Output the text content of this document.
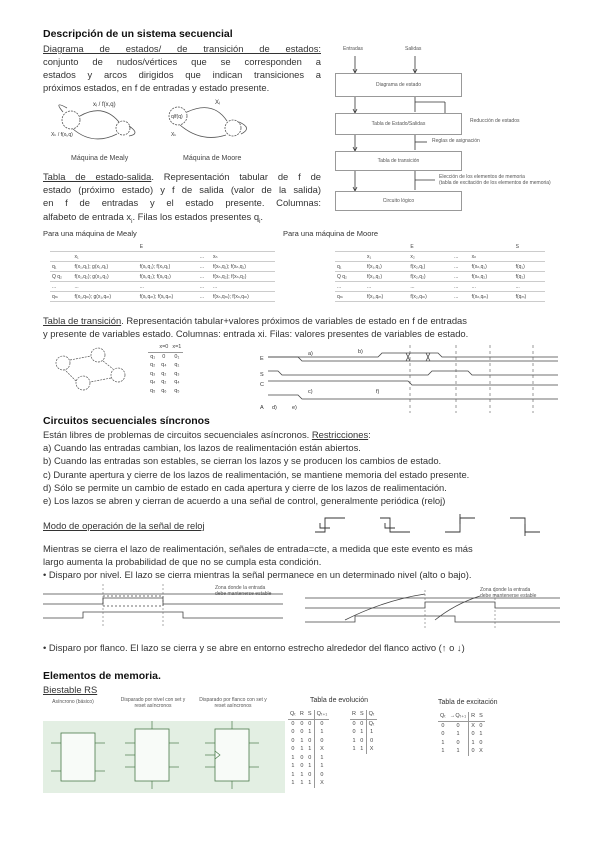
Descripción de un sistema secuencial
Diagrama de estados/ de transición de estados:
conjunto de nudos/vértices que se corresponden a
estados y arcos dirigidos que indican transiciones a
próximos estados, en f de entradas y estado presente.
xᵢ / f(x,q)
Xₖ / f(xᵢ,q)
q/f(q)
Xᵢ
Xₖ
Máquina de Mealy	Máquina de Moore
Entradas	Salidas
Diagrama de estado
Tabla de Estado/Salidas
Tabla de transición
Circuito lógico
Reducción de estados
Reglas de asignación
Elección de los elementos de memoria
(tabla de excitación de los elementos de memoria)
Tabla de estado-salida. Representación tabular de f de
estado (próximo estado) y f de salida (valor de la salida)
en f de entradas y el estado presente. Columnas:
alfabeto de entrada $x_i$. Filas los estados presentes $q_i$.
Para una máquina de Mealy
		E		
	x₁		...	xₙ
q₁	f(x₁,q₁); g(x₁,q₁)	f(xᵢ,q₁); f(xᵢ,q₁)	...	f(xₙ,q₁); f(xₙ,q₁)
Q q₂	f(x₁,q₂); g(x₁,q₂)	f(xᵢ,q₂); f(xᵢ,q₂)	...	f(xₙ,q₂); f(xₙ,q₂)
...	...	...	...	...
qₘ	f(x₁,qₘ); g(x₁,qₘ)	f(xᵢ,qₘ); f(xᵢ,qₘ)	...	f(xₙ,qₘ); f(xₙ,qₘ)
Para una máquina de Moore
		E			S
	x₁	x₂	...	xₙ	
q₁	f(x₁,q₁)	f(x₂,q₁)	...	f(xₙ,q₁)	f(q₁)
Q q₂	f(x₁,q₂)	f(x₂,q₂)	...	f(xₙ,q₂)	f(q₂)
...	...	...	...	...	...
qₘ	f(x₁,qₘ)	f(x₂,qₘ)	...	f(xₙ,qₘ)	f(qₘ)
Tabla de transición. Representación tabular+valores próximos de variables de estado en f de entradas
y presente de variables estado. Columnas: entrada xi. Filas: valores presentes de variables de estado.
	x=0	x=1
q₁	0	0₁
q₂	q₄	q₁
q₃	q₂	q₃
q₄	q₂	q₄
q₅	q₆	q₅
a)	b)
c)
d)	e)
f)
E
S
C
A
Circuitos secuenciales síncronos
Están libres de problemas de circuitos secuenciales asíncronos. Restricciones:
a) Cuando las entradas cambian, los lazos de realimentación están abiertos.
b) Cuando las entradas son estables, se cierran los lazos y se producen los cambios de estado.
c) Durante apertura y cierre de los lazos de realimentación, se mantiene memoria del estado presente.
d) Sólo se permite un cambio de estado en cada apertura y cierre de los lazos de realimentación.
e) Los lazos se abren y cierran de acuerdo a una señal de control, generalmente periódica (reloj)
Modo de operación de la señal de reloj
Mientras se cierra el lazo de realimentación, señales de entrada=cte, a medida que este evento es más
largo aumenta la probabilidad de que no se cumpla esta condición.
• Disparo por nivel. El lazo se cierra mientras la señal permanece en un determinado nivel (alto o bajo).
Zona donde la entrada
debe mantenerse estable
Zona donde la entrada
debe mantenerse estable
• Disparo por flanco. El lazo se cierra y se abre en entorno estrecho alrededor del flanco activo (↑ o ↓)
Elementos de memoria.
Biestable RS
Asíncrono (básico)	Disparado por nivel con set y reset asíncronos
Disparado por flanco con set y reset asíncronos
Tabla de evolución
Qₜ	R	S	Qₜ₊₁
0	0	0	0
0	0	1	1
0	1	0	0
0	1	1	X
1	0	0	1
1	0	1	1
1	1	0	0
1	1	1	X
R	S	Qₜ
0	0	Qₜ
0	1	1
1	0	0
1	1	X
Tabla de excitación
Qₜ	→Qₜ₊₁	R	S
0	0	X	0
0	1	0	1
1	0	1	0
1	1	0	X
